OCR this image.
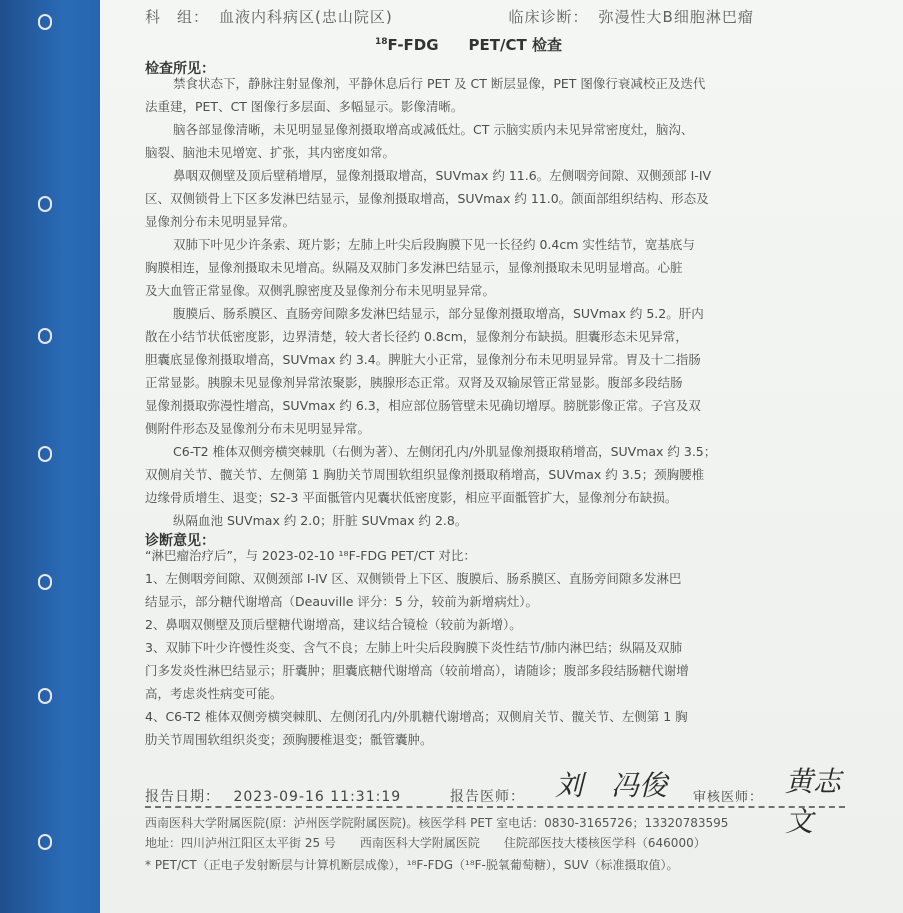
科　组： 血液内科病区(忠山院区)	临床诊断： 弥漫性大B细胞淋巴瘤
$^{18}$F-FDG　　PET/CT 检查
检查所见：
禁食状态下，静脉注射显像剂，平静休息后行 PET 及 CT 断层显像，PET 图像行衰减校正及迭代
法重建，PET、CT 图像行多层面、多幅显示。影像清晰。
脑各部显像清晰，未见明显显像剂摄取增高或减低灶。CT 示脑实质内未见异常密度灶，脑沟、
脑裂、脑池未见增宽、扩张，其内密度如常。
鼻咽双侧壁及顶后壁稍增厚，显像剂摄取增高，SUVmax 约 11.6。左侧咽旁间隙、双侧颈部 I-IV
区、双侧锁骨上下区多发淋巴结显示，显像剂摄取增高，SUVmax 约 11.0。颌面部组织结构、形态及
显像剂分布未见明显异常。
双肺下叶见少许条索、斑片影；左肺上叶尖后段胸膜下见一长径约 0.4cm 实性结节，宽基底与
胸膜相连，显像剂摄取未见增高。纵隔及双肺门多发淋巴结显示，显像剂摄取未见明显增高。心脏
及大血管正常显像。双侧乳腺密度及显像剂分布未见明显异常。
腹膜后、肠系膜区、直肠旁间隙多发淋巴结显示，部分显像剂摄取增高，SUVmax 约 5.2。肝内
散在小结节状低密度影，边界清楚，较大者长径约 0.8cm，显像剂分布缺损。胆囊形态未见异常，
胆囊底显像剂摄取增高，SUVmax 约 3.4。脾脏大小正常，显像剂分布未见明显异常。胃及十二指肠
正常显影。胰腺未见显像剂异常浓聚影，胰腺形态正常。双肾及双输尿管正常显影。腹部多段结肠
显像剂摄取弥漫性增高，SUVmax 约 6.3，相应部位肠管壁未见确切增厚。膀胱影像正常。子宫及双
侧附件形态及显像剂分布未见明显异常。
C6-T2 椎体双侧旁横突棘肌（右侧为著）、左侧闭孔内/外肌显像剂摄取稍增高，SUVmax 约 3.5；
双侧肩关节、髋关节、左侧第 1 胸肋关节周围软组织显像剂摄取稍增高，SUVmax 约 3.5；颈胸腰椎
边缘骨质增生、退变；S2-3 平面骶管内见囊状低密度影，相应平面骶管扩大，显像剂分布缺损。
纵隔血池 SUVmax 约 2.0；肝脏 SUVmax 约 2.8。
诊断意见：
“淋巴瘤治疗后”，与 2023-02-10 ¹⁸F-FDG PET/CT 对比：
1、左侧咽旁间隙、双侧颈部 I-IV 区、双侧锁骨上下区、腹膜后、肠系膜区、直肠旁间隙多发淋巴
结显示，部分糖代谢增高（Deauville 评分：5 分，较前为新增病灶）。
2、鼻咽双侧壁及顶后壁糖代谢增高，建议结合镜检（较前为新增）。
3、双肺下叶少许慢性炎变、含气不良；左肺上叶尖后段胸膜下炎性结节/肺内淋巴结；纵隔及双肺
门多发炎性淋巴结显示；肝囊肿；胆囊底糖代谢增高（较前增高），请随诊；腹部多段结肠糖代谢增
高，考虑炎性病变可能。
4、C6-T2 椎体双侧旁横突棘肌、左侧闭孔内/外肌糖代谢增高；双侧肩关节、髋关节、左侧第 1 胸
肋关节周围软组织炎变；颈胸腰椎退变；骶管囊肿。
报告日期： 2023-09-16 11:31:19	报告医师： 刘　冯俊 审核医师： 黄志文
西南医科大学附属医院(原：泸州医学院附属医院)。核医学科 PET 室电话：0830-3165726；13320783595
地址：四川泸州江阳区太平街 25 号　　西南医科大学附属医院　　住院部医技大楼核医学科（646000）
* PET/CT（正电子发射断层与计算机断层成像），¹⁸F-FDG（¹⁸F-脱氧葡萄糖），SUV（标准摄取值）。
